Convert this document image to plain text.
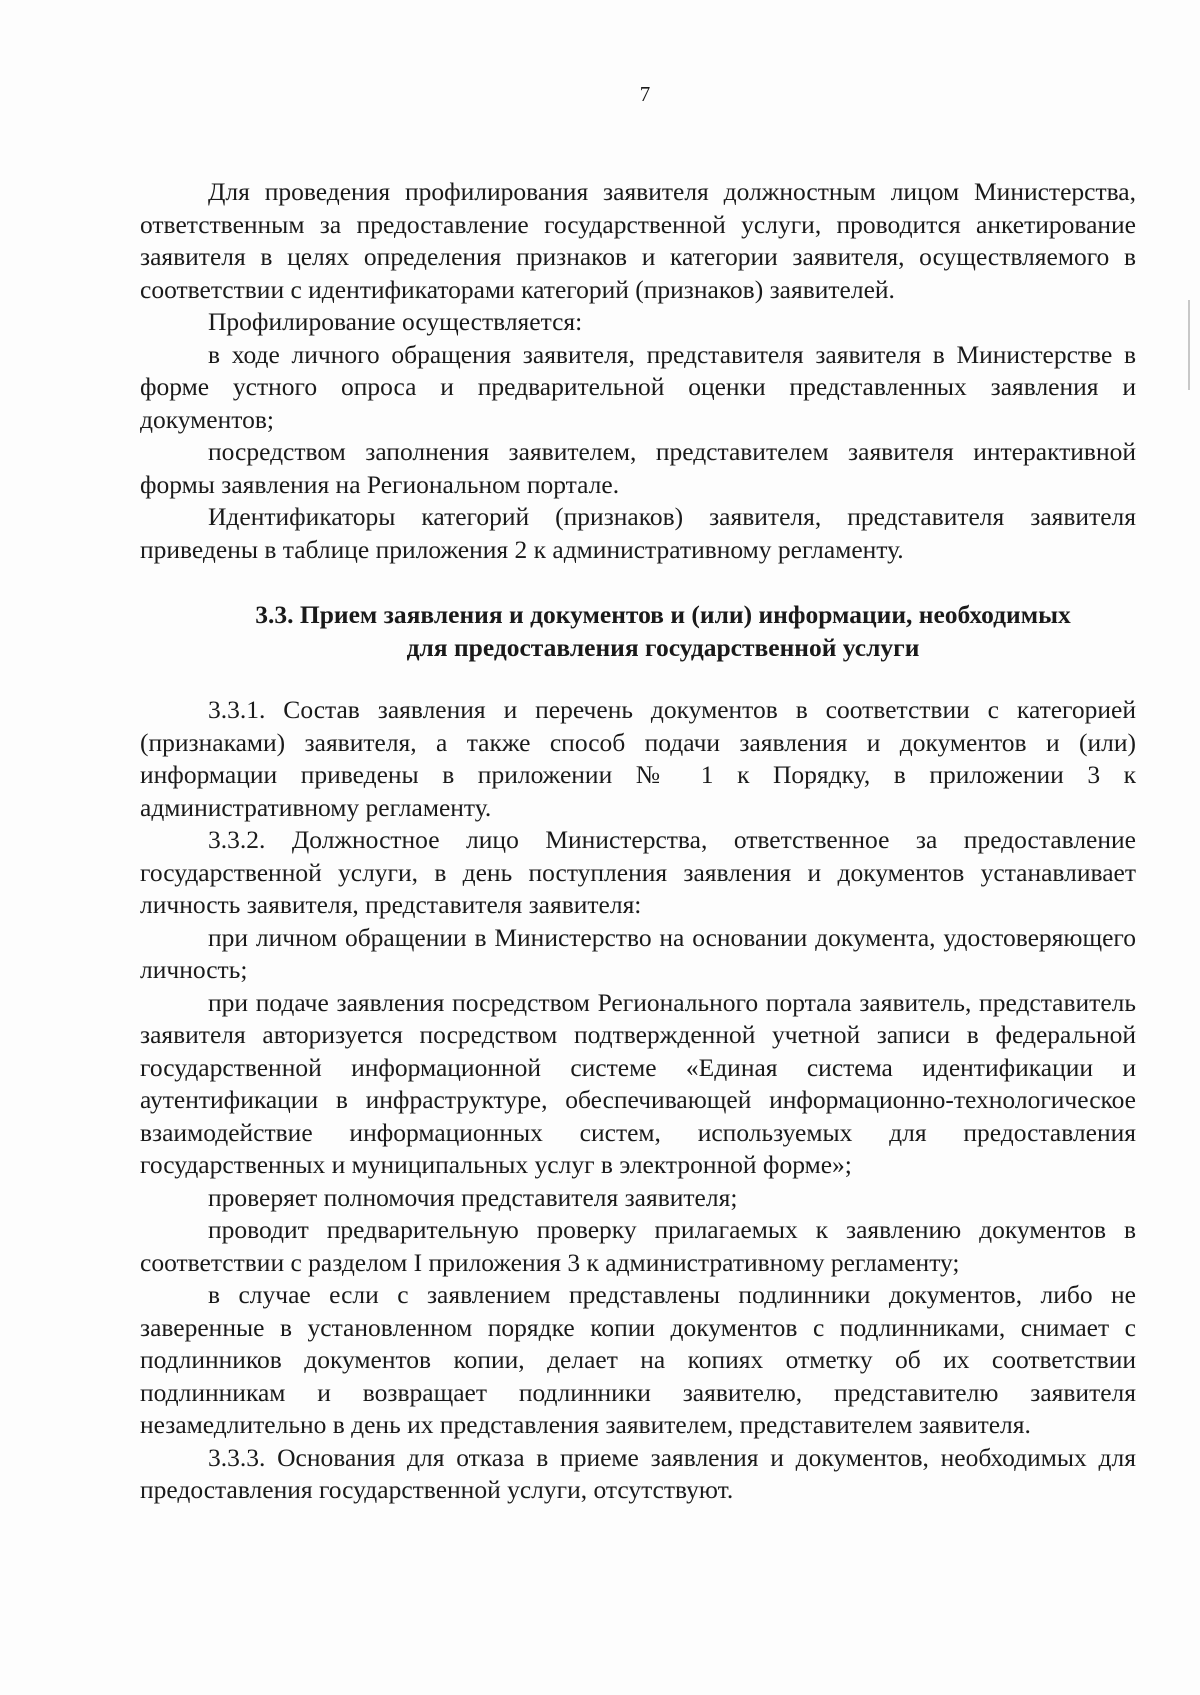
7

Для проведения профилирования заявителя должностным лицом Министерства, ответственным за предоставление государственной услуги, проводится анкетирование заявителя в целях определения признаков и категории заявителя, осуществляемого в соответствии с идентификаторами категорий (признаков) заявителей.

Профилирование осуществляется:

в ходе личного обращения заявителя, представителя заявителя в Министерстве в форме устного опроса и предварительной оценки представленных заявления и документов;

посредством заполнения заявителем, представителем заявителя интерактивной формы заявления на Региональном портале.

Идентификаторы категорий (признаков) заявителя, представителя заявителя приведены в таблице приложения 2 к административному регламенту.

3.3. Прием заявления и документов и (или) информации, необходимых
для предоставления государственной услуги

3.3.1. Состав заявления и перечень документов в соответствии с категорией (признаками) заявителя, а также способ подачи заявления и документов и (или) информации приведены в приложении № 1 к Порядку, в приложении 3 к административному регламенту.

3.3.2. Должностное лицо Министерства, ответственное за предоставление государственной услуги, в день поступления заявления и документов устанавливает личность заявителя, представителя заявителя:

при личном обращении в Министерство на основании документа, удостоверяющего личность;

при подаче заявления посредством Регионального портала заявитель, представитель заявителя авторизуется посредством подтвержденной учетной записи в федеральной государственной информационной системе «Единая система идентификации и аутентификации в инфраструктуре, обеспечивающей информационно-технологическое взаимодействие информационных систем, используемых для предоставления государственных и муниципальных услуг в электронной форме»;

проверяет полномочия представителя заявителя;

проводит предварительную проверку прилагаемых к заявлению документов в соответствии с разделом I приложения 3 к административному регламенту;

в случае если с заявлением представлены подлинники документов, либо не заверенные в установленном порядке копии документов с подлинниками, снимает с подлинников документов копии, делает на копиях отметку об их соответствии подлинникам и возвращает подлинники заявителю, представителю заявителя незамедлительно в день их представления заявителем, представителем заявителя.

3.3.3. Основания для отказа в приеме заявления и документов, необходимых для предоставления государственной услуги, отсутствуют.
